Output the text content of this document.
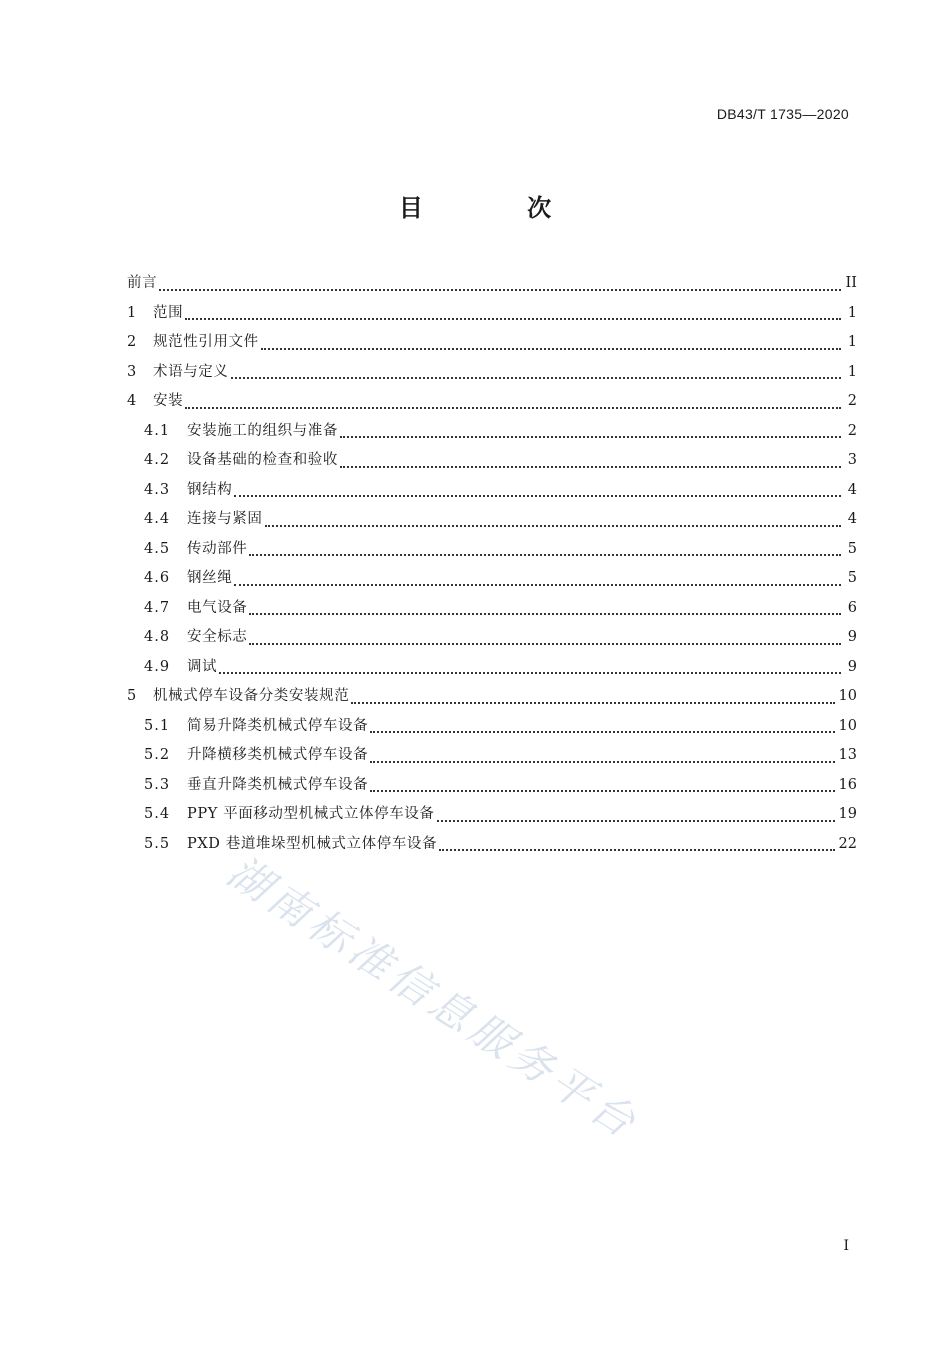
DB43/T 1735—2020
目 次
前言	II
1	范围	1
2	规范性引用文件	1
3	术语与定义	1
4	安装	2
4.1	安装施工的组织与准备	2
4.2	设备基础的检查和验收	3
4.3	钢结构	4
4.4	连接与紧固	4
4.5	传动部件	5
4.6	钢丝绳	5
4.7	电气设备	6
4.8	安全标志	9
4.9	调试	9
5	机械式停车设备分类安装规范	10
5.1	简易升降类机械式停车设备	10
5.2	升降横移类机械式停车设备	13
5.3	垂直升降类机械式停车设备	16
5.4	PPY 平面移动型机械式立体停车设备	19
5.5	PXD 巷道堆垛型机械式立体停车设备	22
I
湖南标准信息服务平台
